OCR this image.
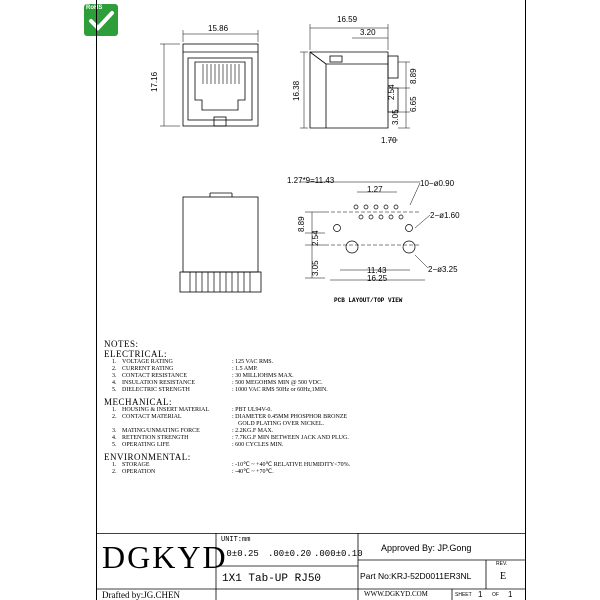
RoHS
15.86
17.16
16.59
3.20
16.38
8.89
2.54
6.65
3.05
1.70
1.27*9=11.43
1.27
10−ø0.90
2−ø1.60
2−ø3.25
8.89
2.54
3.05	11.43
16.25
PCB LAYOUT/TOP VIEW
NOTES:
ELECTRICAL:
1. VOLTAGE RATING	: 125 VAC RMS.
2. CURRENT RATING	: 1.5 AMP.
3. CONTACT RESISTANCE	: 30 MILLIOHMS MAX.
4. INSULATION RESISTANCE	: 500 MEGOHMS MIN @ 500 VDC.
5. DIELECTRIC STRENGTH	: 1000 VAC RMS 50Hz or 60Hz,1MIN.
MECHANICAL:
1. HOUSING & INSERT MATERIAL	: PBT UL94V-0.
2. CONTACT MATERIAL	: DIAMETER 0.45MM PHOSPHOR BRONZE
GOLD PLATING OVER NICKEL.
3. MATING/UNMATING FORCE	: 2.2KG.F MAX.
4. RETENTION STRENGTH	: 7.7KG.F MIN BETWEEN JACK AND PLUG.
5. OPERATING LIFE	: 600 CYCLES MIN.
ENVIRONMENTAL:
1. STORAGE	: -10℃ ~ +40℃ RELATIVE HUMIDITY<70%.
2. OPERATION	: -40℃ ~ +70℃.
DGKYD
UNIT:mm
.0±0.25 .00±0.20 .000±0.10
Approved By: JP.Gong
REV.
E
Part No:KRJ-52D0011ER3NL
1X1 Tab-UP RJ50
Drafted by:JG.CHEN	WWW.DGKYD.COM	SHEET 1 OF 1
